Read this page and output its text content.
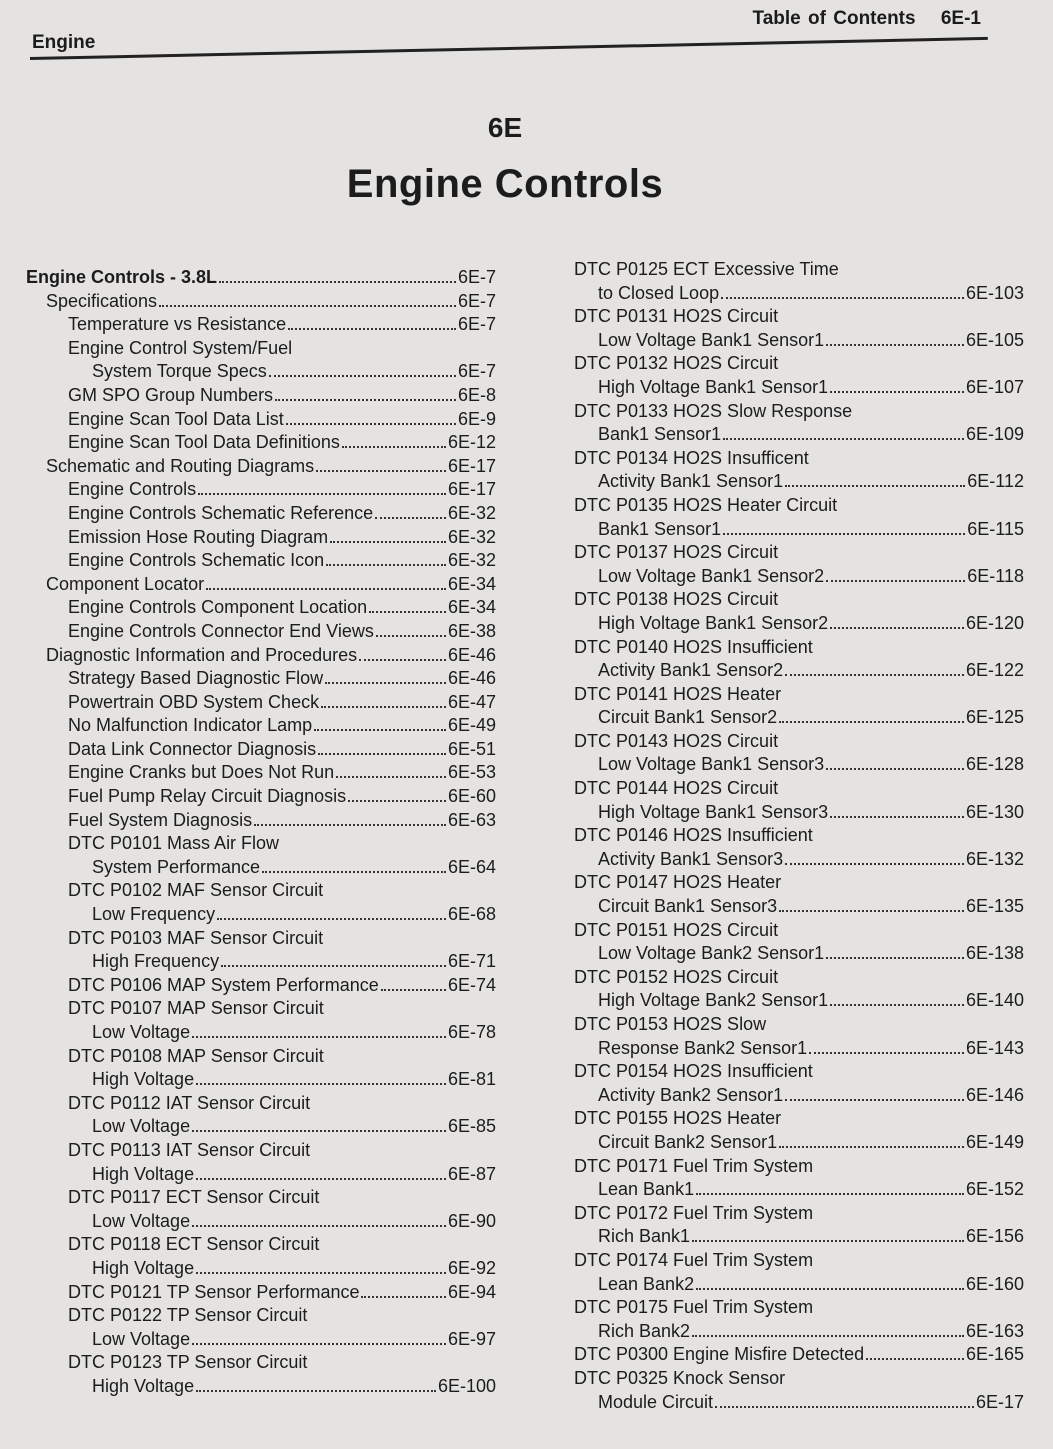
Engine
Table of Contents 6E-1
6E
Engine Controls
Engine Controls - 3.8L	6E-7
Specifications	6E-7
Temperature vs Resistance	6E-7
Engine Control System/Fuel
System Torque Specs	6E-7
GM SPO Group Numbers	6E-8
Engine Scan Tool Data List	6E-9
Engine Scan Tool Data Definitions	6E-12
Schematic and Routing Diagrams	6E-17
Engine Controls	6E-17
Engine Controls Schematic Reference	6E-32
Emission Hose Routing Diagram	6E-32
Engine Controls Schematic Icon	6E-32
Component Locator	6E-34
Engine Controls Component Location	6E-34
Engine Controls Connector End Views	6E-38
Diagnostic Information and Procedures	6E-46
Strategy Based Diagnostic Flow	6E-46
Powertrain OBD System Check	6E-47
No Malfunction Indicator Lamp	6E-49
Data Link Connector Diagnosis	6E-51
Engine Cranks but Does Not Run	6E-53
Fuel Pump Relay Circuit Diagnosis	6E-60
Fuel System Diagnosis	6E-63
DTC P0101 Mass Air Flow
System Performance	6E-64
DTC P0102 MAF Sensor Circuit
Low Frequency	6E-68
DTC P0103 MAF Sensor Circuit
High Frequency	6E-71
DTC P0106 MAP System Performance	6E-74
DTC P0107 MAP Sensor Circuit
Low Voltage	6E-78
DTC P0108 MAP Sensor Circuit
High Voltage	6E-81
DTC P0112 IAT Sensor Circuit
Low Voltage	6E-85
DTC P0113 IAT Sensor Circuit
High Voltage	6E-87
DTC P0117 ECT Sensor Circuit
Low Voltage	6E-90
DTC P0118 ECT Sensor Circuit
High Voltage	6E-92
DTC P0121 TP Sensor Performance	6E-94
DTC P0122 TP Sensor Circuit
Low Voltage	6E-97
DTC P0123 TP Sensor Circuit
High Voltage	6E-100
DTC P0125 ECT Excessive Time
to Closed Loop	6E-103
DTC P0131 HO2S Circuit
Low Voltage Bank1 Sensor1	6E-105
DTC P0132 HO2S Circuit
High Voltage Bank1 Sensor1	6E-107
DTC P0133 HO2S Slow Response
Bank1 Sensor1	6E-109
DTC P0134 HO2S Insufficent
Activity Bank1 Sensor1	6E-112
DTC P0135 HO2S Heater Circuit
Bank1 Sensor1	6E-115
DTC P0137 HO2S Circuit
Low Voltage Bank1 Sensor2	6E-118
DTC P0138 HO2S Circuit
High Voltage Bank1 Sensor2	6E-120
DTC P0140 HO2S Insufficient
Activity Bank1 Sensor2	6E-122
DTC P0141 HO2S Heater
Circuit Bank1 Sensor2	6E-125
DTC P0143 HO2S Circuit
Low Voltage Bank1 Sensor3	6E-128
DTC P0144 HO2S Circuit
High Voltage Bank1 Sensor3	6E-130
DTC P0146 HO2S Insufficient
Activity Bank1 Sensor3	6E-132
DTC P0147 HO2S Heater
Circuit Bank1 Sensor3	6E-135
DTC P0151 HO2S Circuit
Low Voltage Bank2 Sensor1	6E-138
DTC P0152 HO2S Circuit
High Voltage Bank2 Sensor1	6E-140
DTC P0153 HO2S Slow
Response Bank2 Sensor1	6E-143
DTC P0154 HO2S Insufficient
Activity Bank2 Sensor1	6E-146
DTC P0155 HO2S Heater
Circuit Bank2 Sensor1	6E-149
DTC P0171 Fuel Trim System
Lean Bank1	6E-152
DTC P0172 Fuel Trim System
Rich Bank1	6E-156
DTC P0174 Fuel Trim System
Lean Bank2	6E-160
DTC P0175 Fuel Trim System
Rich Bank2	6E-163
DTC P0300 Engine Misfire Detected	6E-165
DTC P0325 Knock Sensor
Module Circuit	6E-17
